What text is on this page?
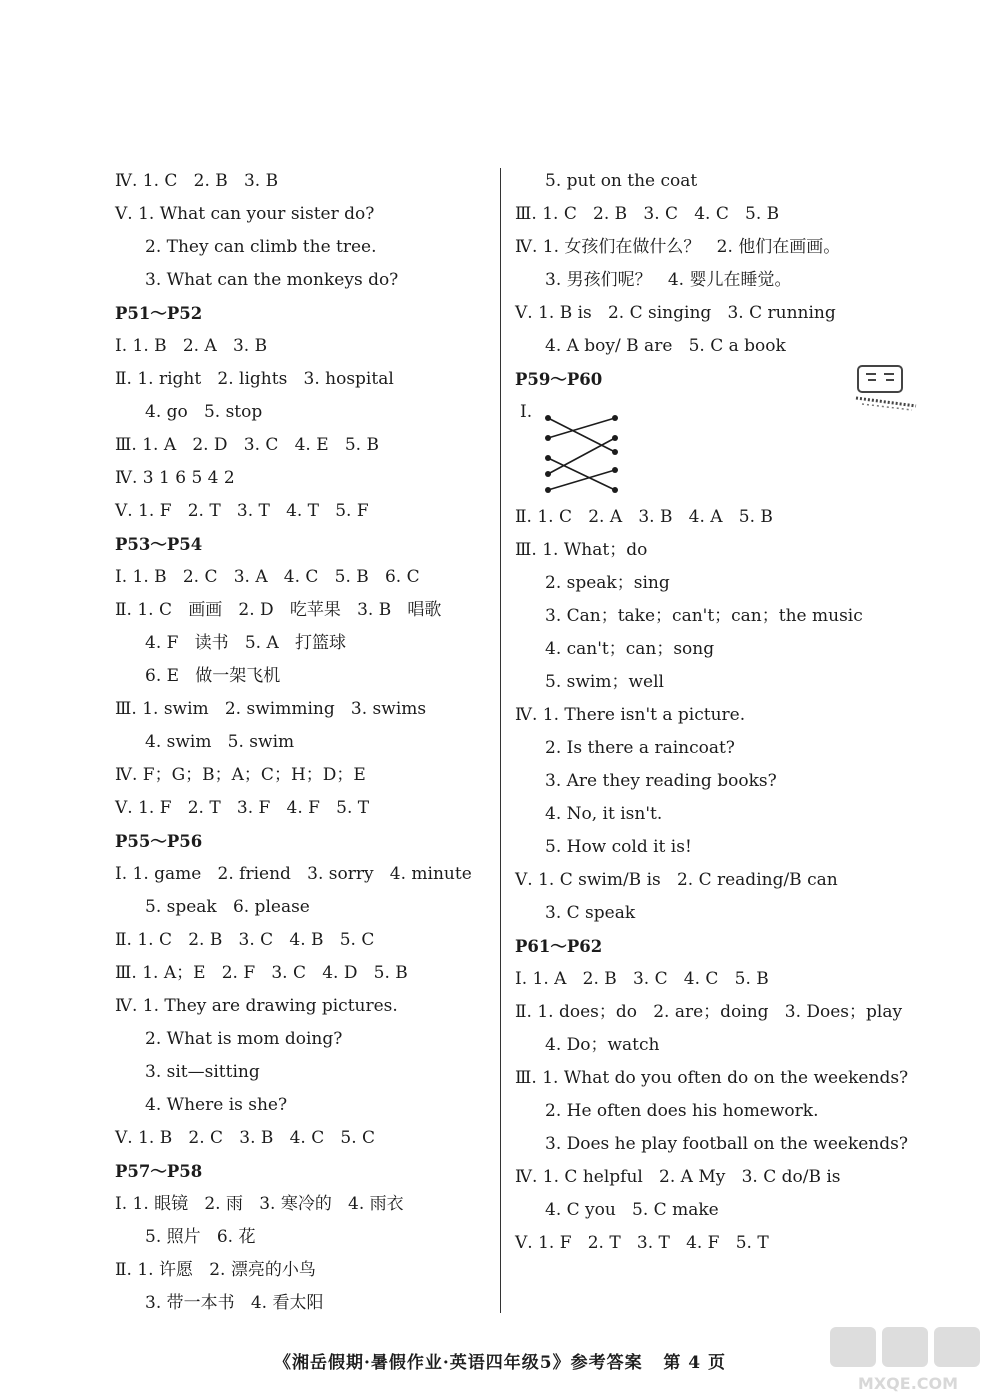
Ⅳ. 1. C   2. B   3. B
Ⅴ. 1. What can your sister do?
2. They can climb the tree.
3. What can the monkeys do?
P51～P52
Ⅰ. 1. B   2. A   3. B
Ⅱ. 1. right   2. lights   3. hospital
4. go   5. stop
Ⅲ. 1. A   2. D   3. C   4. E   5. B
Ⅳ. 3 1 6 5 4 2
Ⅴ. 1. F   2. T   3. T   4. T   5. F
P53～P54
Ⅰ. 1. B   2. C   3. A   4. C   5. B   6. C
Ⅱ. 1. C   画画   2. D   吃苹果   3. B   唱歌
4. F   读书   5. A   打篮球
6. E   做一架飞机
Ⅲ. 1. swim   2. swimming   3. swims
4. swim   5. swim
Ⅳ. F；G；B；A；C；H；D；E
Ⅴ. 1. F   2. T   3. F   4. F   5. T
P55～P56
Ⅰ. 1. game   2. friend   3. sorry   4. minute
5. speak   6. please
Ⅱ. 1. C   2. B   3. C   4. B   5. C
Ⅲ. 1. A；E   2. F   3. C   4. D   5. B
Ⅳ. 1. They are drawing pictures.
2. What is mom doing?
3. sit—sitting
4. Where is she?
Ⅴ. 1. B   2. C   3. B   4. C   5. C
P57～P58
Ⅰ. 1. 眼镜   2. 雨   3. 寒冷的   4. 雨衣
5. 照片   6. 花
Ⅱ. 1. 许愿   2. 漂亮的小鸟
3. 带一本书   4. 看太阳
5. put on the coat
Ⅲ. 1. C   2. B   3. C   4. C   5. B
Ⅳ. 1. 女孩们在做什么？   2. 他们在画画。
3. 男孩们呢？   4. 婴儿在睡觉。
Ⅴ. 1. B is   2. C singing   3. C running
4. A boy/ B are   5. C a book
P59～P60
Ⅰ.
Ⅱ. 1. C   2. A   3. B   4. A   5. B
Ⅲ. 1. What；do
2. speak；sing
3. Can；take；can't；can；the music
4. can't；can；song
5. swim；well
Ⅳ. 1. There isn't a picture.
2. Is there a raincoat?
3. Are they reading books?
4. No, it isn't.
5. How cold it is!
Ⅴ. 1. C swim/B is   2. C reading/B can
3. C speak
P61～P62
Ⅰ. 1. A   2. B   3. C   4. C   5. B
Ⅱ. 1. does；do   2. are；doing   3. Does；play
4. Do；watch
Ⅲ. 1. What do you often do on the weekends?
2. He often does his homework.
3. Does he play football on the weekends?
Ⅳ. 1. C helpful   2. A My   3. C do/B is
4. C you   5. C make
Ⅴ. 1. F   2. T   3. T   4. F   5. T
《湘岳假期·暑假作业·英语四年级5》参考答案   第 4 页
MXQE.COM
